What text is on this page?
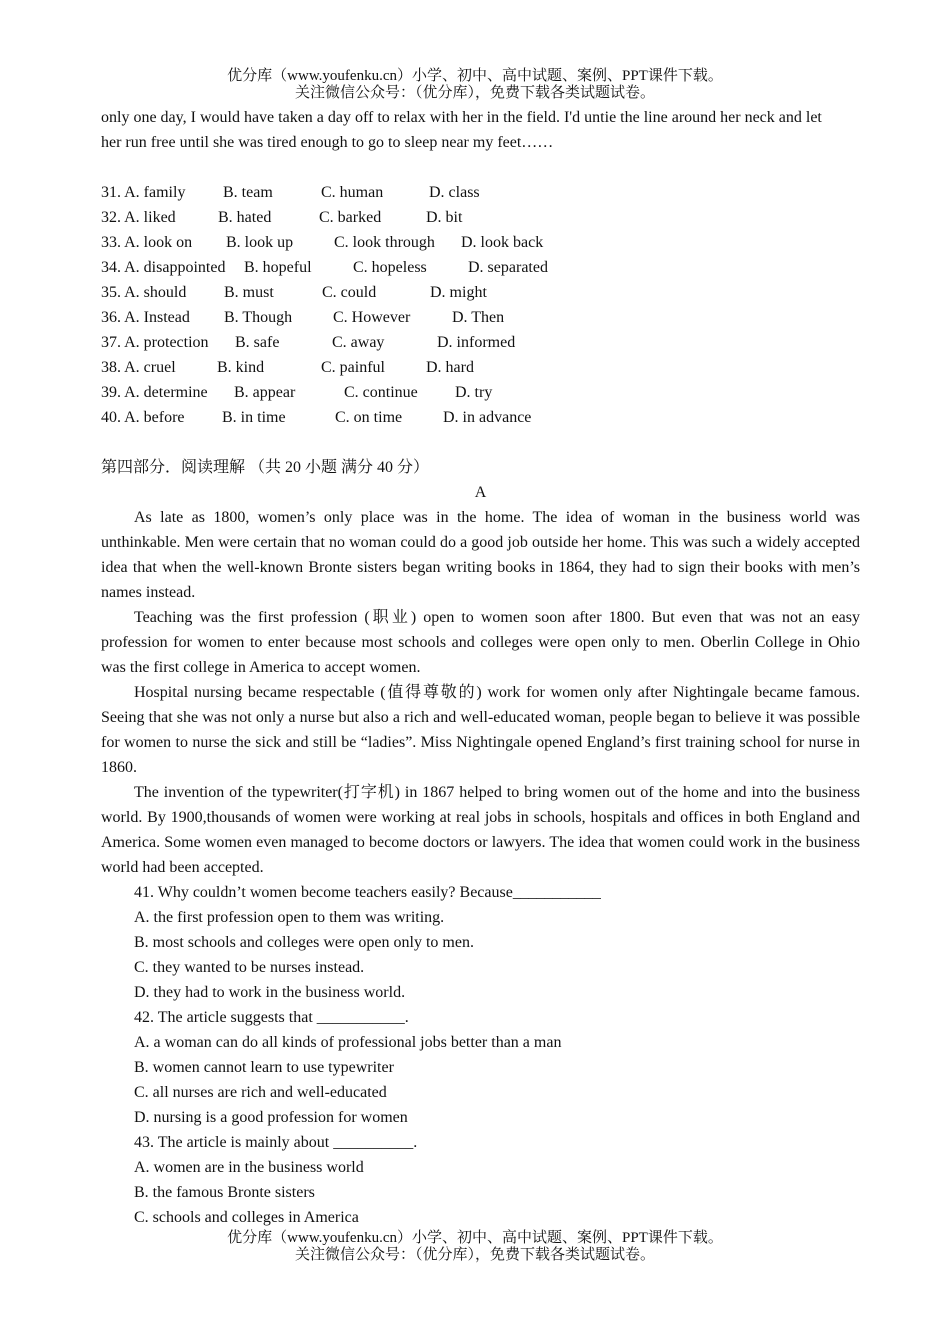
优分库（www.youfenku.cn）小学、初中、高中试题、案例、PPT课件下载。
关注微信公众号：（优分库），免费下载各类试题试卷。
only one day, I would have taken a day off to relax with her in the field. I'd untie the line around her neck and let
her run free until she was tired enough to go to sleep near my feet……
31. A. family	B. team	C. human	D. class
32. A. liked	B. hated	C. barked	D. bit
33. A. look on	B. look up	C. look through	D. look back
34. A. disappointed	B. hopeful	C. hopeless	D. separated
35. A. should	B. must	C. could	D. might
36. A. Instead	B. Though	C. However	D. Then
37. A. protection	B. safe	C. away	D. informed
38. A. cruel	B. kind	C. painful	D. hard
39. A. determine	B. appear	C. continue	D. try
40. A. before	B. in time	C. on time	D. in advance
第四部分．阅读理解 （共 20 小题 满分 40 分）
A

As late as 1800, women’s only place was in the home. The idea of woman in the business world was unthinkable. Men were certain that no woman could do a good job outside her home. This was such a widely accepted idea that when the well-known Bronte sisters began writing books in 1864, they had to sign their books with men’s names instead.

Teaching was the first profession (职业) open to women soon after 1800. But even that was not an easy profession for women to enter because most schools and colleges were open only to men. Oberlin College in Ohio was the first college in America to accept women.

Hospital nursing became respectable (值得尊敬的) work for women only after Nightingale became famous. Seeing that she was not only a nurse but also a rich and well-educated woman, people began to believe it was possible for women to nurse the sick and still be “ladies”. Miss Nightingale opened England’s first training school for nurse in 1860.

The invention of the typewriter(打字机) in 1867 helped to bring women out of the home and into the business world. By 1900,thousands of women were working at real jobs in schools, hospitals and offices in both England and America. Some women even managed to become doctors or lawyers. The idea that women could work in the business world had been accepted.

41. Why couldn’t women become teachers easily? Because___________
A. the first profession open to them was writing.
B. most schools and colleges were open only to men.
C. they wanted to be nurses instead.
D. they had to work in the business world.
42. The article suggests that ___________.
A. a woman can do all kinds of professional jobs better than a man
B. women cannot learn to use typewriter
C. all nurses are rich and well-educated
D. nursing is a good profession for women
43. The article is mainly about __________.
A. women are in the business world
B. the famous Bronte sisters
C. schools and colleges in America
优分库（www.youfenku.cn）小学、初中、高中试题、案例、PPT课件下载。
关注微信公众号：（优分库），免费下载各类试题试卷。
